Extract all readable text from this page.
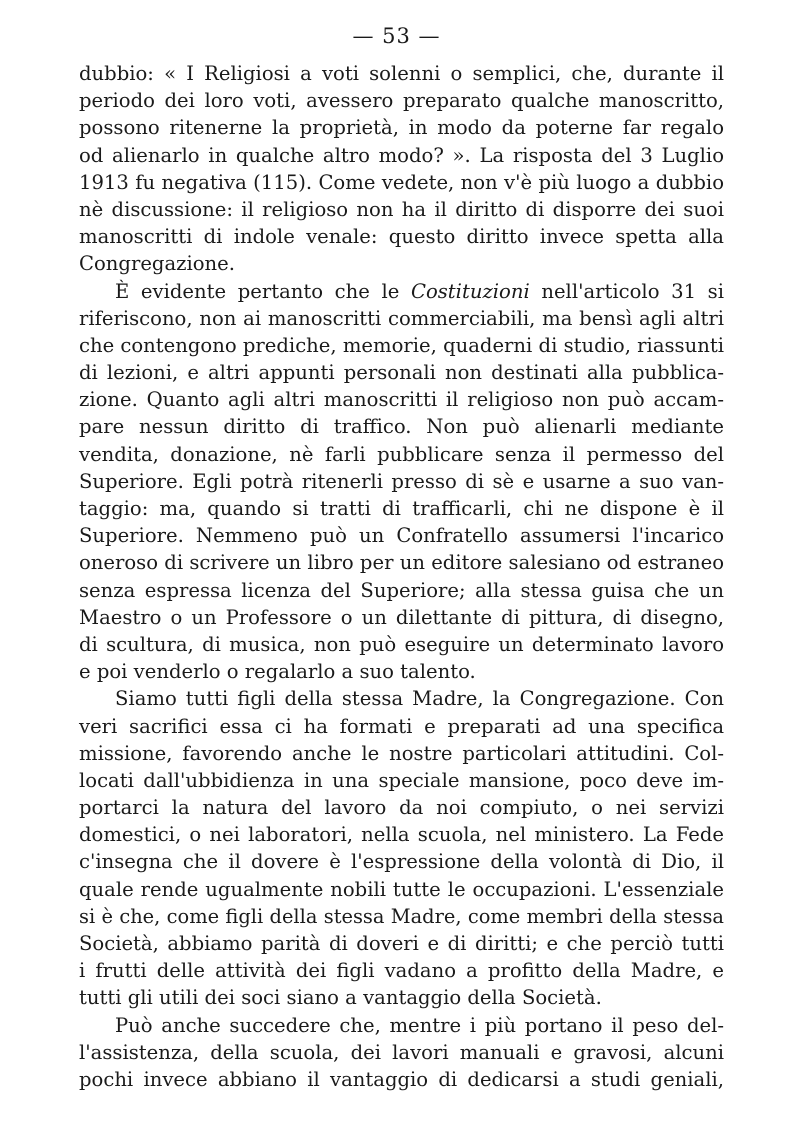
— 53 —
dubbio: « I Religiosi a voti solenni o semplici, che, durante il
periodo dei loro voti, avessero preparato qualche manoscritto,
possono ritenerne la proprietà, in modo da poterne far regalo
od alienarlo in qualche altro modo? ». La risposta del 3 Luglio
1913 fu negativa (115). Come vedete, non v'è più luogo a dubbio
nè discussione: il religioso non ha il diritto di disporre dei suoi
manoscritti di indole venale: questo diritto invece spetta alla
Congregazione.
È evidente pertanto che le Costituzioni nell'articolo 31 si
riferiscono, non ai manoscritti commerciabili, ma bensì agli altri
che contengono prediche, memorie, quaderni di studio, riassunti
di lezioni, e altri appunti personali non destinati alla pubblica-
zione. Quanto agli altri manoscritti il religioso non può accam-
pare nessun diritto di traffico. Non può alienarli mediante
vendita, donazione, nè farli pubblicare senza il permesso del
Superiore. Egli potrà ritenerli presso di sè e usarne a suo van-
taggio: ma, quando si tratti di trafficarli, chi ne dispone è il
Superiore. Nemmeno può un Confratello assumersi l'incarico
oneroso di scrivere un libro per un editore salesiano od estraneo
senza espressa licenza del Superiore; alla stessa guisa che un
Maestro o un Professore o un dilettante di pittura, di disegno,
di scultura, di musica, non può eseguire un determinato lavoro
e poi venderlo o regalarlo a suo talento.
Siamo tutti figli della stessa Madre, la Congregazione. Con
veri sacrifici essa ci ha formati e preparati ad una specifica
missione, favorendo anche le nostre particolari attitudini. Col-
locati dall'ubbidienza in una speciale mansione, poco deve im-
portarci la natura del lavoro da noi compiuto, o nei servizi
domestici, o nei laboratori, nella scuola, nel ministero. La Fede
c'insegna che il dovere è l'espressione della volontà di Dio, il
quale rende ugualmente nobili tutte le occupazioni. L'essenziale
si è che, come figli della stessa Madre, come membri della stessa
Società, abbiamo parità di doveri e di diritti; e che perciò tutti
i frutti delle attività dei figli vadano a profitto della Madre, e
tutti gli utili dei soci siano a vantaggio della Società.
Può anche succedere che, mentre i più portano il peso del-
l'assistenza, della scuola, dei lavori manuali e gravosi, alcuni
pochi invece abbiano il vantaggio di dedicarsi a studi geniali,
